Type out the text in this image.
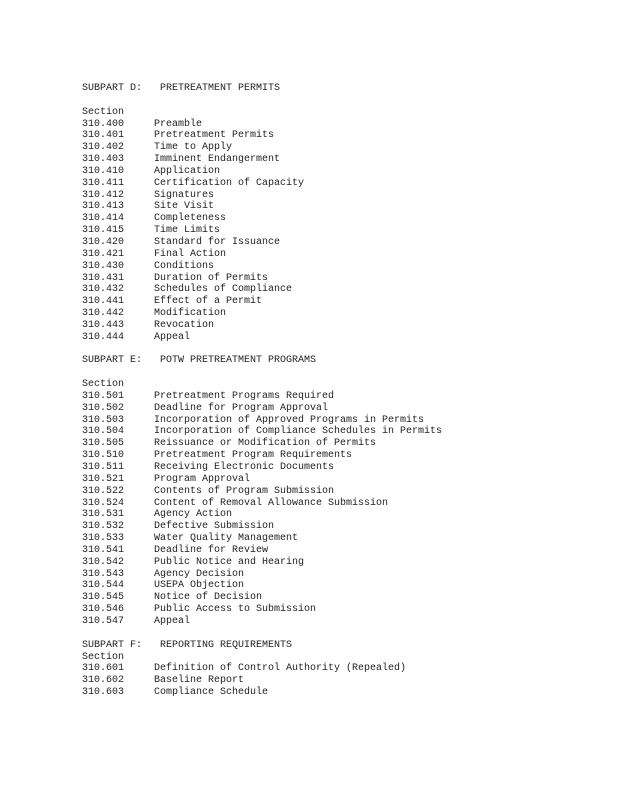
SUBPART D:	PRETREATMENT PERMITS
Section
310.400	Preamble
310.401	Pretreatment Permits
310.402	Time to Apply
310.403	Imminent Endangerment
310.410	Application
310.411	Certification of Capacity
310.412	Signatures
310.413	Site Visit
310.414	Completeness
310.415	Time Limits
310.420	Standard for Issuance
310.421	Final Action
310.430	Conditions
310.431	Duration of Permits
310.432	Schedules of Compliance
310.441	Effect of a Permit
310.442	Modification
310.443	Revocation
310.444	Appeal
SUBPART E:	POTW PRETREATMENT PROGRAMS
Section
310.501	Pretreatment Programs Required
310.502	Deadline for Program Approval
310.503	Incorporation of Approved Programs in Permits
310.504	Incorporation of Compliance Schedules in Permits
310.505	Reissuance or Modification of Permits
310.510	Pretreatment Program Requirements
310.511	Receiving Electronic Documents
310.521	Program Approval
310.522	Contents of Program Submission
310.524	Content of Removal Allowance Submission
310.531	Agency Action
310.532	Defective Submission
310.533	Water Quality Management
310.541	Deadline for Review
310.542	Public Notice and Hearing
310.543	Agency Decision
310.544	USEPA Objection
310.545	Notice of Decision
310.546	Public Access to Submission
310.547	Appeal
SUBPART F:	REPORTING REQUIREMENTS
Section
310.601	Definition of Control Authority (Repealed)
310.602	Baseline Report
310.603	Compliance Schedule
